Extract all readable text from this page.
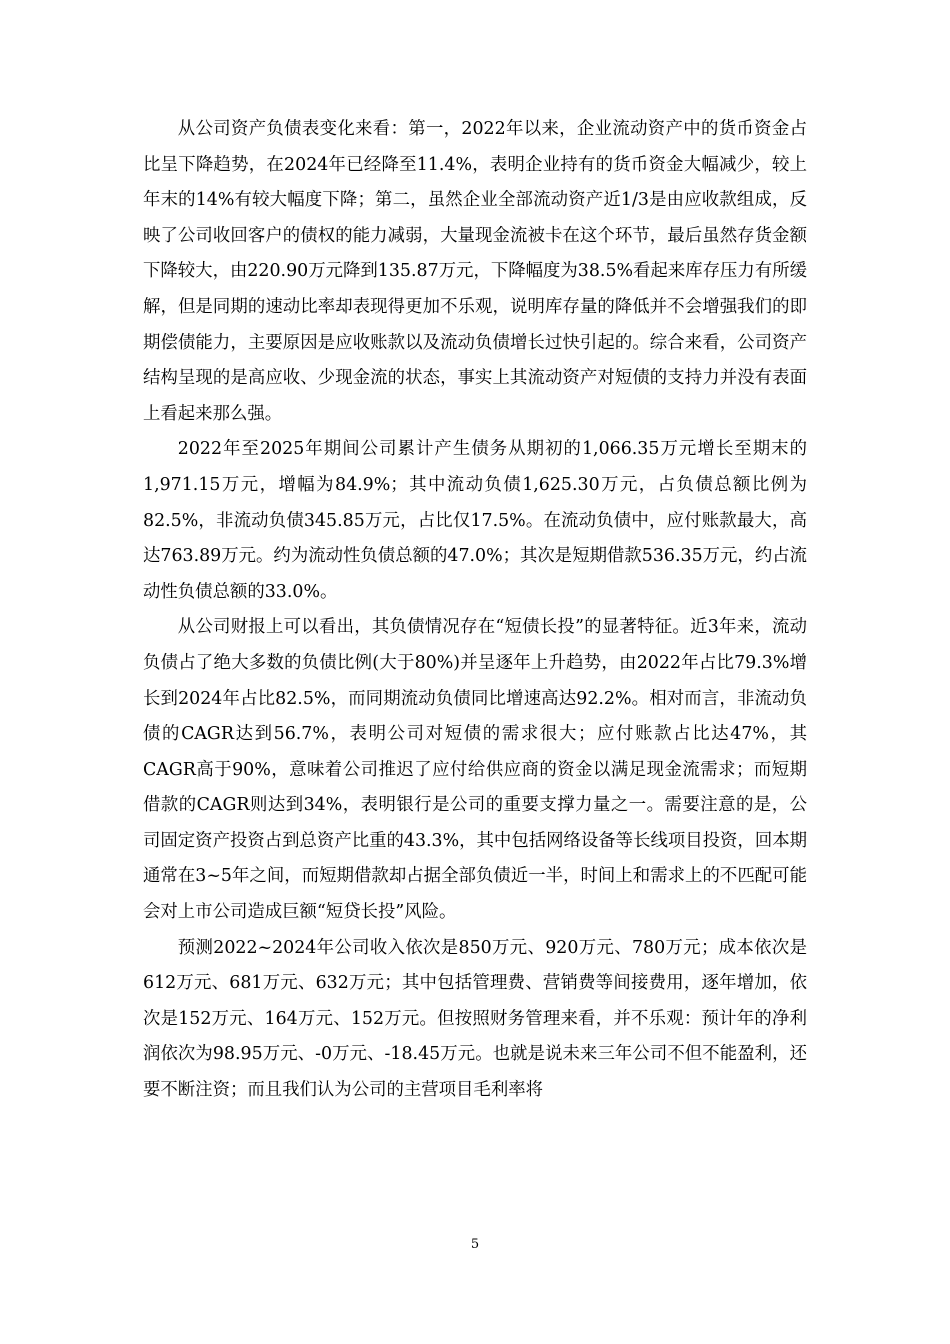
从公司资产负债表变化来看：第一，2022年以来，企业流动资产中的货币资金占比呈下降趋势，在2024年已经降至11.4%，表明企业持有的货币资金大幅减少，较上年末的14%有较大幅度下降；第二，虽然企业全部流动资产近1/3是由应收款组成，反映了公司收回客户的债权的能力减弱，大量现金流被卡在这个环节，最后虽然存货金额下降较大，由220.90万元降到135.87万元，下降幅度为38.5%看起来库存压力有所缓解，但是同期的速动比率却表现得更加不乐观，说明库存量的降低并不会增强我们的即期偿债能力，主要原因是应收账款以及流动负债增长过快引起的。综合来看，公司资产结构呈现的是高应收、少现金流的状态，事实上其流动资产对短债的支持力并没有表面上看起来那么强。

2022年至2025年期间公司累计产生债务从期初的1,066.35万元增长至期末的1,971.15万元，增幅为84.9%；其中流动负债1,625.30万元，占负债总额比例为82.5%，非流动负债345.85万元，占比仅17.5%。在流动负债中，应付账款最大，高达763.89万元。约为流动性负债总额的47.0%；其次是短期借款536.35万元，约占流动性负债总额的33.0%。

从公司财报上可以看出，其负债情况存在“短债长投”的显著特征。近3年来，流动负债占了绝大多数的负债比例(大于80%)并呈逐年上升趋势，由2022年占比79.3%增长到2024年占比82.5%，而同期流动负债同比增速高达92.2%。相对而言，非流动负债的CAGR达到56.7%，表明公司对短债的需求很大；应付账款占比达47%，其CAGR高于90%，意味着公司推迟了应付给供应商的资金以满足现金流需求；而短期借款的CAGR则达到34%，表明银行是公司的重要支撑力量之一。需要注意的是，公司固定资产投资占到总资产比重的43.3%，其中包括网络设备等长线项目投资，回本期通常在3~5年之间，而短期借款却占据全部负债近一半，时间上和需求上的不匹配可能会对上市公司造成巨额“短贷长投”风险。

预测2022~2024年公司收入依次是850万元、920万元、780万元；成本依次是612万元、681万元、632万元；其中包括管理费、营销费等间接费用，逐年增加，依次是152万元、164万元、152万元。但按照财务管理来看，并不乐观：预计年的净利润依次为98.95万元、-0万元、-18.45万元。也就是说未来三年公司不但不能盈利，还要不断注资；而且我们认为公司的主营项目毛利率将

5
